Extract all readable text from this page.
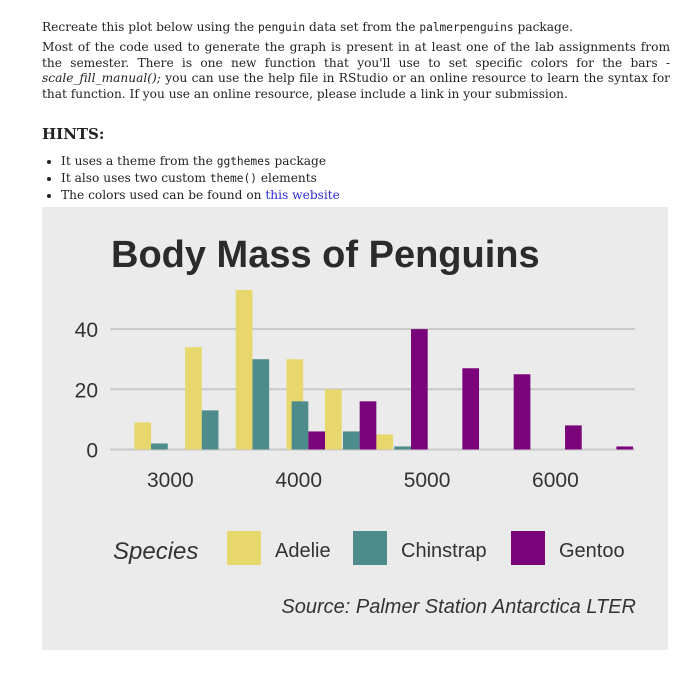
Recreate this plot below using the penguin data set from the palmerpenguins package.
Most of the code used to generate the graph is present in at least one of the lab assignments from the semester. There is one new function that you'll use to set specific colors for the bars - scale_fill_manual(); you can use the help file in RStudio or an online resource to learn the syntax for that function. If you use an online resource, please include a link in your submission.
HINTS:
• It uses a theme from the ggthemes package
• It also uses two custom theme() elements
• The colors used can be found on this website
Body Mass of Penguins
0
20
40
3000	4000	5000	6000
Species	Adelie	Chinstrap	Gentoo
Source: Palmer Station Antarctica LTER
